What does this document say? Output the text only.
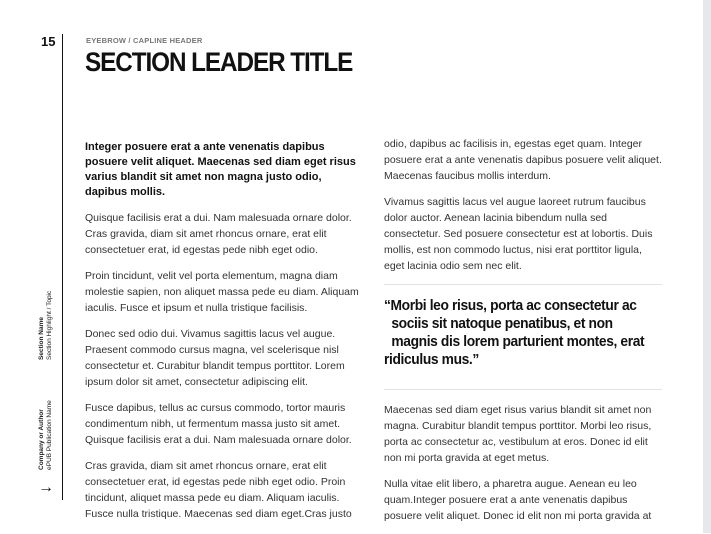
15
Section Name Section Highlight / Topic
Company or Author ePUB Publication Name
→
EYEBROW / CAPLINE HEADER
SECTION LEADER TITLE

Integer posuere erat a ante venenatis dapibus posuere velit aliquet. Maecenas sed diam eget risus varius blandit sit amet non magna justo odio, dapibus mollis.

Quisque facilisis erat a dui. Nam malesuada ornare dolor. Cras gravida, diam sit amet rhoncus ornare, erat elit consectetuer erat, id egestas pede nibh eget odio.

Proin tincidunt, velit vel porta elementum, magna diam molestie sapien, non aliquet massa pede eu diam. Aliquam iaculis. Fusce et ipsum et nulla tristique facilisis.

Donec sed odio dui. Vivamus sagittis lacus vel augue. Praesent commodo cursus magna, vel scelerisque nisl consectetur et. Curabitur blandit tempus porttitor. Lorem ipsum dolor sit amet, consectetur adipiscing elit.

Fusce dapibus, tellus ac cursus commodo, tortor mauris condimentum nibh, ut fermentum massa justo sit amet. Quisque facilisis erat a dui. Nam malesuada ornare dolor.

Cras gravida, diam sit amet rhoncus ornare, erat elit consectetuer erat, id egestas pede nibh eget odio. Proin tincidunt, aliquet massa pede eu diam. Aliquam iaculis. Fusce nulla tristique. Maecenas sed diam eget.Cras justo

odio, dapibus ac facilisis in, egestas eget quam. Integer posuere erat a ante venenatis dapibus posuere velit aliquet. Maecenas faucibus mollis interdum.

Vivamus sagittis lacus vel augue laoreet rutrum faucibus dolor auctor. Aenean lacinia bibendum nulla sed consectetur. Sed posuere consectetur est at lobortis. Duis mollis, est non commodo luctus, nisi erat porttitor ligula, eget lacinia odio sem nec elit.

“Morbi leo risus, porta ac consectetur ac
sociis sit natoque penatibus, et non
magnis dis lorem parturient montes, erat
ridiculus mus.”

Maecenas sed diam eget risus varius blandit sit amet non magna. Curabitur blandit tempus porttitor. Morbi leo risus, porta ac consectetur ac, vestibulum at eros. Donec id elit non mi porta gravida at eget metus.

Nulla vitae elit libero, a pharetra augue. Aenean eu leo quam.Integer posuere erat a ante venenatis dapibus posuere velit aliquet. Donec id elit non mi porta gravida at
